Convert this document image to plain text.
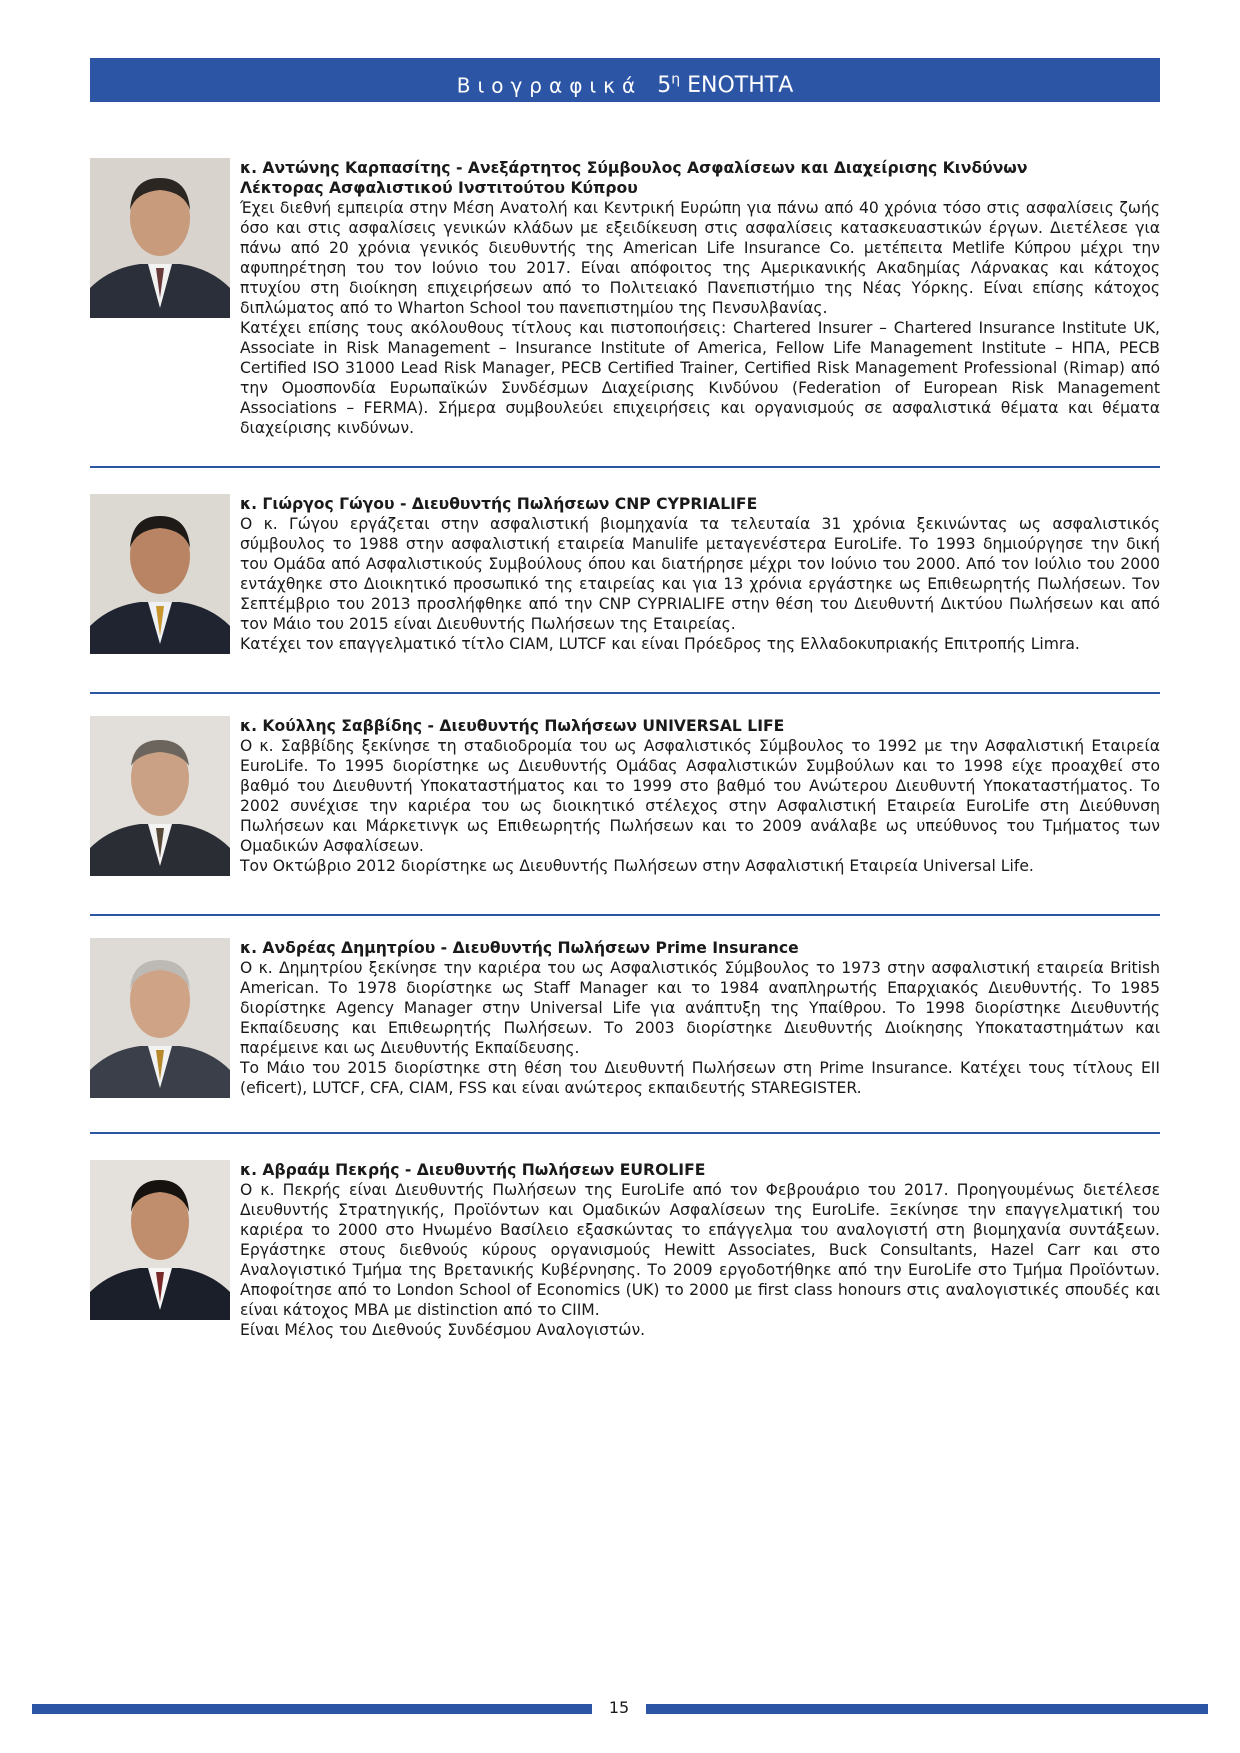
Βιογραφικά $5^\eta$ ΕΝΟΤΗΤΑ

κ. Αντώνης Καρπασίτης - Ανεξάρτητος Σύμβουλος Ασφαλίσεων και Διαχείρισης Κινδύνων

Λέκτορας Ασφαλιστικού Ινστιτούτου Κύπρου

Έχει διεθνή εμπειρία στην Μέση Ανατολή και Κεντρική Ευρώπη για πάνω από 40 χρόνια τόσο στις ασφαλίσεις ζωής όσο και στις ασφαλίσεις γενικών κλάδων με εξειδίκευση στις ασφαλίσεις κατασκευαστικών έργων. Διετέλεσε για πάνω από 20 χρόνια γενικός διευθυντής της American Life Insurance Co. μετέπειτα Metlife Κύπρου μέχρι την αφυπηρέτηση του τον Ιούνιο του 2017. Είναι απόφοιτος της Αμερικανικής Ακαδημίας Λάρνακας και κάτοχος πτυχίου στη διοίκηση επιχειρήσεων από το Πολιτειακό Πανεπιστήμιο της Νέας Υόρκης. Είναι επίσης κάτοχος διπλώματος από το Wharton School του πανεπιστημίου της Πενσυλβανίας.

Κατέχει επίσης τους ακόλουθους τίτλους και πιστοποιήσεις: Chartered Insurer – Chartered Insurance Institute UK, Associate in Risk Management – Insurance Institute of America, Fellow Life Management Institute – ΗΠΑ, PECB Certified ISO 31000 Lead Risk Manager, PECB Certified Trainer, Certified Risk Management Professional (Rimap) από την Ομοσπονδία Ευρωπαϊκών Συνδέσμων Διαχείρισης Κινδύνου (Federation of European Risk Management Associations – FERMA). Σήμερα συμβουλεύει επιχειρήσεις και οργανισμούς σε ασφαλιστικά θέματα και θέματα διαχείρισης κινδύνων.

κ. Γιώργος Γώγου - Διευθυντής Πωλήσεων CNP CYPRIALIFE

Ο κ. Γώγου εργάζεται στην ασφαλιστική βιομηχανία τα τελευταία 31 χρόνια ξεκινώντας ως ασφαλιστικός σύμβουλος το 1988 στην ασφαλιστική εταιρεία Manulife μεταγενέστερα EuroLife. Το 1993 δημιούργησε την δική του Ομάδα από Ασφαλιστικούς Συμβούλους όπου και διατήρησε μέχρι τον Ιούνιο του 2000. Από τον Ιούλιο του 2000 εντάχθηκε στο Διοικητικό προσωπικό της εταιρείας και για 13 χρόνια εργάστηκε ως Επιθεωρητής Πωλήσεων. Τον Σεπτέμβριο του 2013 προσλήφθηκε από την CNP CYPRIALIFE στην θέση του Διευθυντή Δικτύου Πωλήσεων και από τον Μάιο του 2015 είναι Διευθυντής Πωλήσεων της Εταιρείας.

Κατέχει τον επαγγελματικό τίτλο CIAM, LUTCF και είναι Πρόεδρος της Ελλαδοκυπριακής Επιτροπής Limra.

κ. Κούλλης Σαββίδης - Διευθυντής Πωλήσεων UNIVERSAL LIFE

Ο κ. Σαββίδης ξεκίνησε τη σταδιοδρομία του ως Ασφαλιστικός Σύμβουλος το 1992 με την Ασφαλιστική Εταιρεία EuroLife. Το 1995 διορίστηκε ως Διευθυντής Ομάδας Ασφαλιστικών Συμβούλων και το 1998 είχε προαχθεί στο βαθμό του Διευθυντή Υποκαταστήματος και το 1999 στο βαθμό του Ανώτερου Διευθυντή Υποκαταστήματος. Το 2002 συνέχισε την καριέρα του ως διοικητικό στέλεχος στην Ασφαλιστική Εταιρεία EuroLife στη Διεύθυνση Πωλήσεων και Μάρκετινγκ ως Επιθεωρητής Πωλήσεων και το 2009 ανάλαβε ως υπεύθυνος του Τμήματος των Ομαδικών Ασφαλίσεων.

Τον Οκτώβριο 2012 διορίστηκε ως Διευθυντής Πωλήσεων στην Ασφαλιστική Εταιρεία Universal Life.

κ. Ανδρέας Δημητρίου - Διευθυντής Πωλήσεων Prime Insurance

Ο κ. Δημητρίου ξεκίνησε την καριέρα του ως Ασφαλιστικός Σύμβουλος το 1973 στην ασφαλιστική εταιρεία British American. Το 1978 διορίστηκε ως Staff Manager και το 1984 αναπληρωτής Επαρχιακός Διευθυντής. Το 1985 διορίστηκε Agency Manager στην Universal Life για ανάπτυξη της Υπαίθρου. Το 1998 διορίστηκε Διευθυντής Εκπαίδευσης και Επιθεωρητής Πωλήσεων. Το 2003 διορίστηκε Διευθυντής Διοίκησης Υποκαταστημάτων και παρέμεινε και ως Διευθυντής Εκπαίδευσης.

Το Μάιο του 2015 διορίστηκε στη θέση του Διευθυντή Πωλήσεων στη Prime Insurance. Κατέχει τους τίτλους EII (eficert), LUTCF, CFA, CIAM, FSS και είναι ανώτερος εκπαιδευτής STAREGISTER.

κ. Αβραάμ Πεκρής - Διευθυντής Πωλήσεων EUROLIFE

Ο κ. Πεκρής είναι Διευθυντής Πωλήσεων της EuroLife από τον Φεβρουάριο του 2017. Προηγουμένως διετέλεσε Διευθυντής Στρατηγικής, Προϊόντων και Ομαδικών Ασφαλίσεων της EuroLife. Ξεκίνησε την επαγγελματική του καριέρα το 2000 στο Ηνωμένο Βασίλειο εξασκώντας το επάγγελμα του αναλογιστή στη βιομηχανία συντάξεων. Εργάστηκε στους διεθνούς κύρους οργανισμούς Hewitt Associates, Buck Consultants, Hazel Carr και στο Αναλογιστικό Τμήμα της Βρετανικής Κυβέρνησης. Το 2009 εργοδοτήθηκε από την EuroLife στο Τμήμα Προϊόντων. Αποφοίτησε από το London School of Economics (UK) το 2000 με first class honours στις αναλογιστικές σπουδές και είναι κάτοχος MBA με distinction από το CIIM.

Είναι Μέλος του Διεθνούς Συνδέσμου Αναλογιστών.

15
